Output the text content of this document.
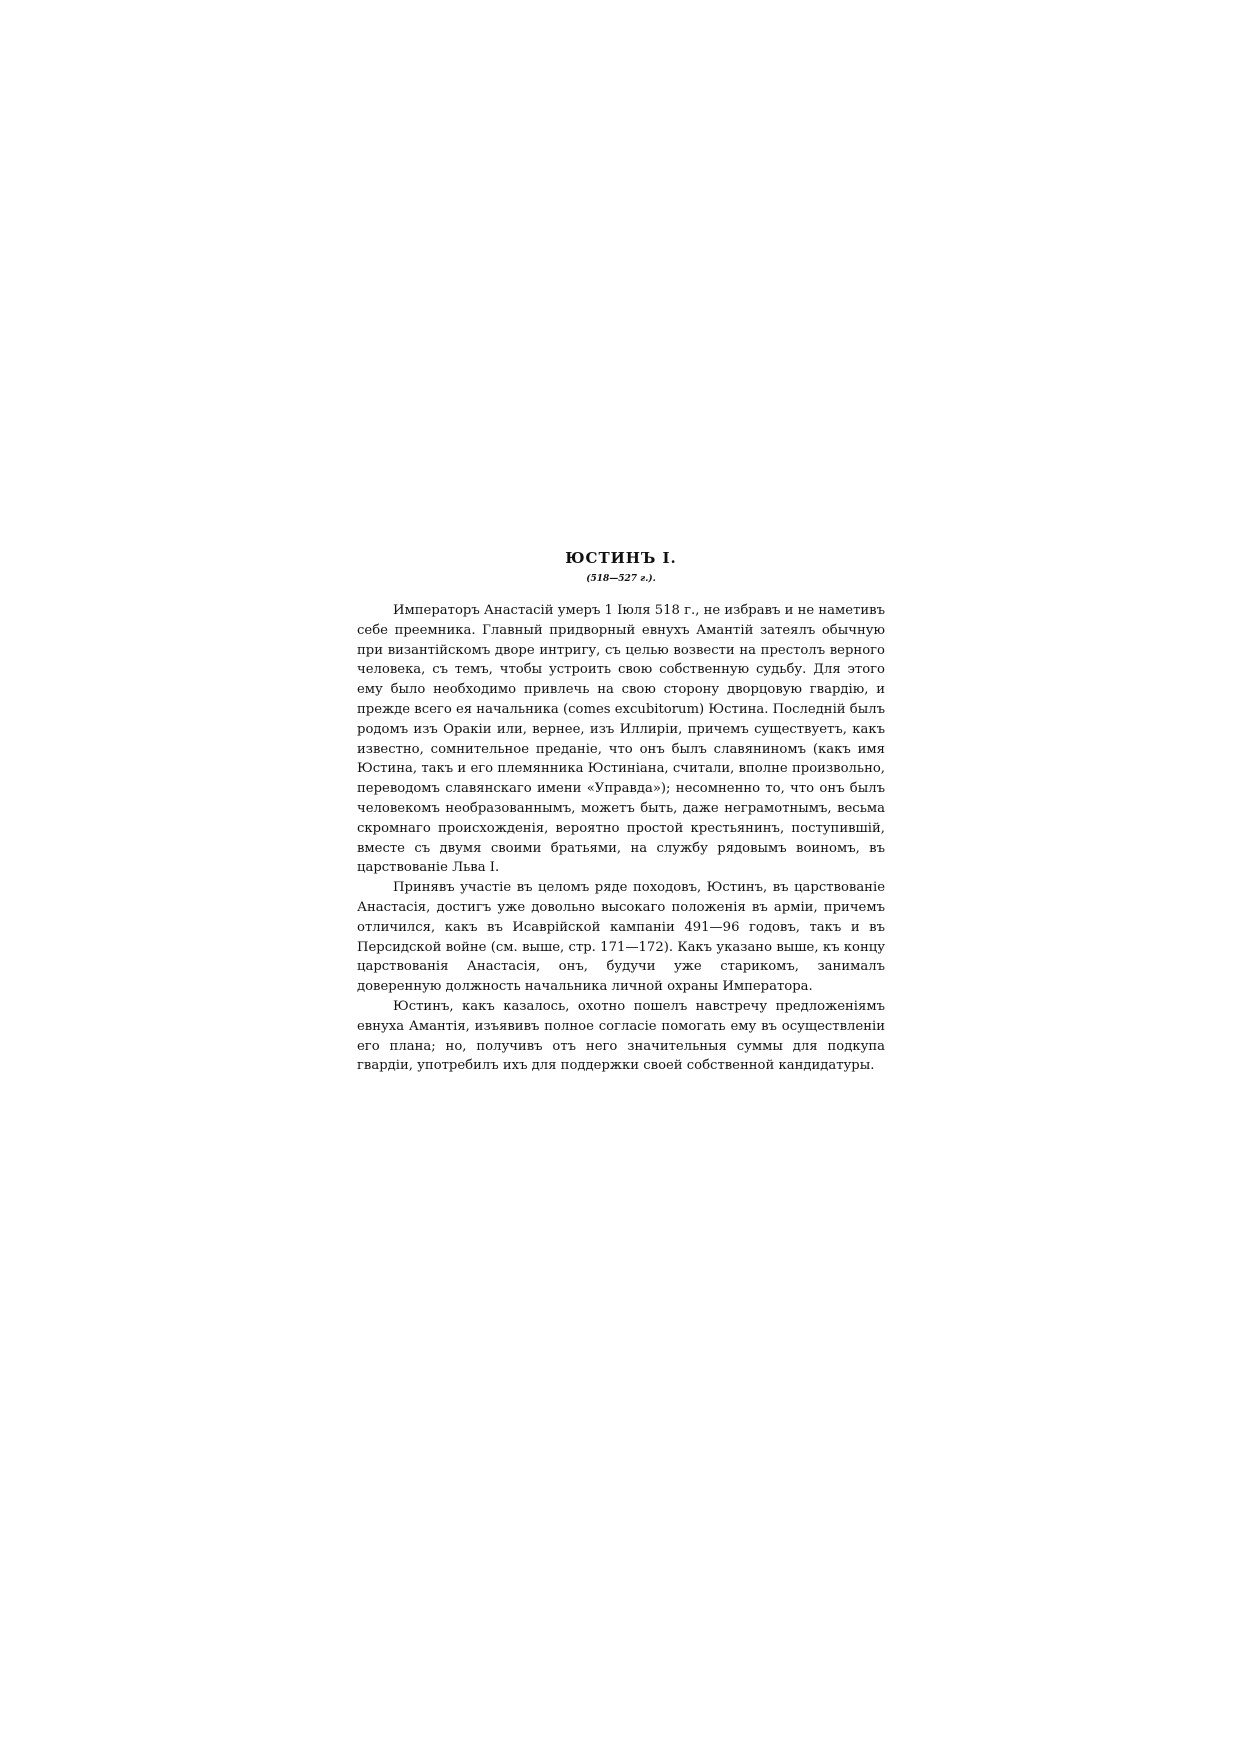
ЮСТИНЪ I.
(518—527 г.).

Императоръ Анастасій умеръ 1 Іюля 518 г., не избравъ и не наметивъ себе преемника. Главный придворный евнухъ Амантій затеялъ обычную при византійскомъ дворе интригу, съ целью возвести на престолъ верного человека, съ темъ, чтобы устроить свою собственную судьбу. Для этого ему было необходимо привлечь на свою сторону дворцовую гвардію, и прежде всего ея начальника (comes excubitorum) Юстина. Последній былъ родомъ изъ Оракіи или, вернее, изъ Иллиріи, причемъ существуетъ, какъ известно, сомнительное преданіе, что онъ былъ славяниномъ (какъ имя Юстина, такъ и его племянника Юстиніана, считали, вполне произвольно, переводомъ славянскаго имени «Управда»); несомненно то, что онъ былъ человекомъ необразованнымъ, можетъ быть, даже неграмотнымъ, весьма скромнаго происхожденія, вероятно простой крестьянинъ, поступившій, вместе съ двумя своими братьями, на службу рядовымъ воиномъ, въ царствованіе Льва I.

Принявъ участіе въ целомъ ряде походовъ, Юстинъ, въ царствованіе Анастасія, достигъ уже довольно высокаго положенія въ арміи, причемъ отличился, какъ въ Исаврійской кампаніи 491—96 годовъ, такъ и въ Персидской войне (см. выше, стр. 171—172). Какъ указано выше, къ концу царствованія Анастасія, онъ, будучи уже старикомъ, занималъ доверенную должность начальника личной охраны Императора.

Юстинъ, какъ казалось, охотно пошелъ навстречу предложеніямъ евнуха Амантія, изъявивъ полное согласіе помогать ему въ осуществленіи его плана; но, получивъ отъ него значительныя суммы для подкупа гвардіи, употребилъ ихъ для поддержки своей собственной кандидатуры.
